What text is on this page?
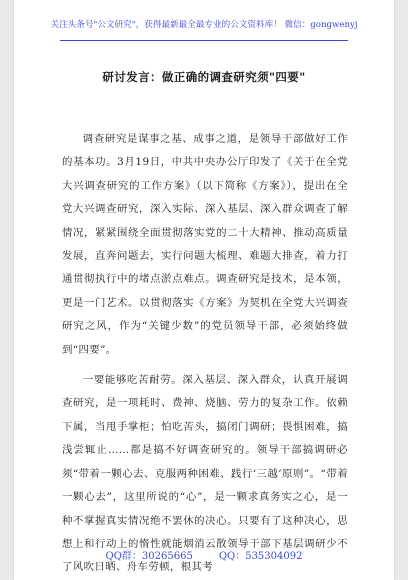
关注头条号"公文研究"，获得最新最全最专业的公文资料库！ 微信：gongwenyj
研讨发言：做正确的调查研究须"四要"

调查研究是谋事之基、成事之道，是领导干部做好工作的基本功。3月19日，中共中央办公厅印发了《关于在全党大兴调查研究的工作方案》（以下简称《方案》），提出在全党大兴调查研究，深入实际、深入基层、深入群众调查了解情况，紧紧围绕全面贯彻落实党的二十大精神、推动高质量发展，直奔问题去，实行问题大梳理、难题大排查，着力打通贯彻执行中的堵点淤点难点。调查研究是技术，是本领，更是一门艺术。以贯彻落实《方案》为契机在全党大兴调查研究之风，作为“关键少数”的党员领导干部，必须始终做到“四要”。

一要能够吃苦耐劳。深入基层、深入群众，认真开展调查研究，是一项耗时、费神、烧脑、劳力的复杂工作。依赖下属，当甩手掌柜；怕吃苦头，搞闭门调研；畏惧困难，搞浅尝辄止……都是搞不好调查研究的。领导干部搞调研必须“带着一颗心去、克服两种困难、践行‘三越’原则”。“带着一颗心去”，这里所说的“心”，是一颗求真务实之心，是一种不掌握真实情况绝不罢休的决心。只要有了这种决心，思想上和行动上的惰性就能烟消云散领导干部下基层调研少不了风吹日晒、舟车劳顿，根其考

QQ群：30265665	QQ：535304092
